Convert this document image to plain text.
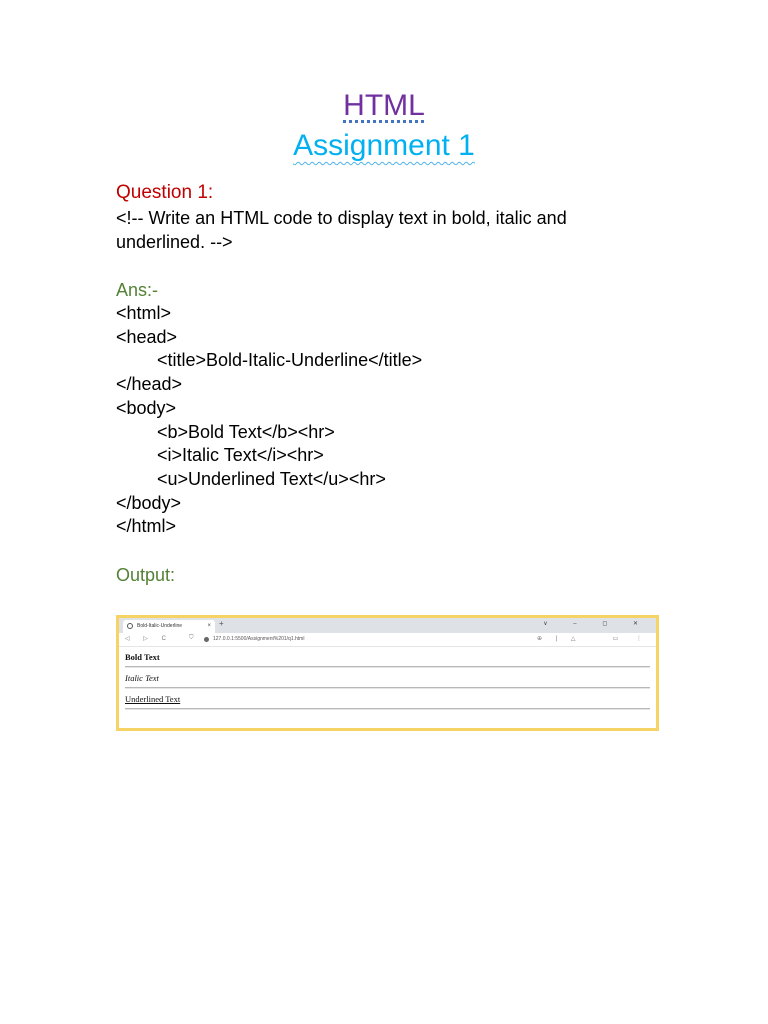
HTML
Assignment 1
Question 1:
<!-- Write an HTML code to display text in bold, italic and underlined. -->
Ans:-
<html>
<head>
<title>Bold-Italic-Underline</title>
</head>
<body>
<b>Bold Text</b><hr>
<i>Italic Text</i><hr>
<u>Underlined Text</u><hr>
</body>
</html>
Output:
Bold-Italic-Underline	× +	∨ – ◻ ✕
◁ ▷ C	⛉	127.0.0.1:5500/Assignment%201/q1.html	⊕ | △	▭ ⋮
Bold Text
Italic Text
Underlined Text
